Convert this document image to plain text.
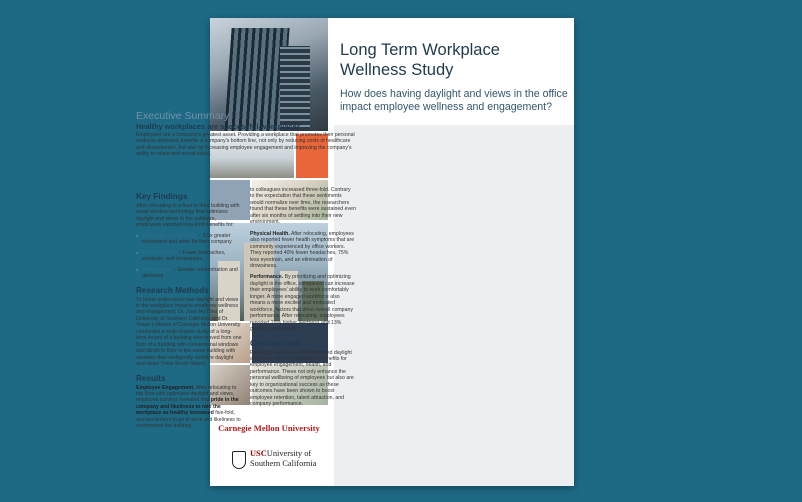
Carnegie Mellon University
USCUniversity of
Southern California
Long Term Workplace
Wellness Study
How does having daylight and views in the office impact employee wellness and engagement?
Executive Summary
Healthy workplaces are successful workplaces
Employees are a company's greatest asset. Providing a workplace that promotes their personal wellness ultimately benefits a company's bottom line, not only by reducing costs of healthcare and absenteeism, but also by increasing employee engagement and improving the company's ability to retain and recruit talent.
Key Findings
After relocating to a floor in their building with smart window technology that optimizes daylight and views to the outdoors, employees reported long-term benefits for:
■ Workplace engagement – 3-5x greater excitement and pride for their company
■ Physical health – Fewer headaches, eyestrain, and drowsiness
■ Performance – Greater concentration and alertness
Research Methods
To better understand how daylight and views in the workplace impacts employee wellness and engagement, Dr. Joon Ho Choi of University of Southern California and Dr. Vivian Loftness of Carnegie Mellon University conducted a multi-season study of a long-term tenant of a building who moved from one floor of a building with conventional windows and blinds to floor in the same building with windows that intelligently optimize daylight and views (View Smart Glass).
Results
Employee Engagement. After relocating to the floor with optimized daylight and views, employee surveys revealed that pride in the company and likeliness to rate the workplace as healthy increased five-fold, and excitement to go to work and likeliness to recommend the building
to colleagues increased three-fold. Contrary to the expectation that these sentiments would normalize over time, the researchers found that these benefits were sustained even after six months of settling into their new environment.
Physical Health. After relocating, employees also reported fewer health symptoms that are commonly experienced by office workers. They reported 40% fewer headaches, 75% less eyestrain, and an elimination of drowsiness.
Performance. By prioritizing and optimizing daylight in the office, companies can increase their employees' ability to work comfortably longer. A more engaged workforce also means a more excited and motivated workforce, factors that drive overall company performance. After relocating, employees reported 29% higher alertness and 13% greater concentration.
Conclusions
Providing employees with optimized daylight and views unlocked significant benefits for employee engagement, health, and performance. These not only enhance the personal wellbeing of employees but also are key to organizational success as these outcomes have been shown to boost employee retention, talent attraction, and company performance.
